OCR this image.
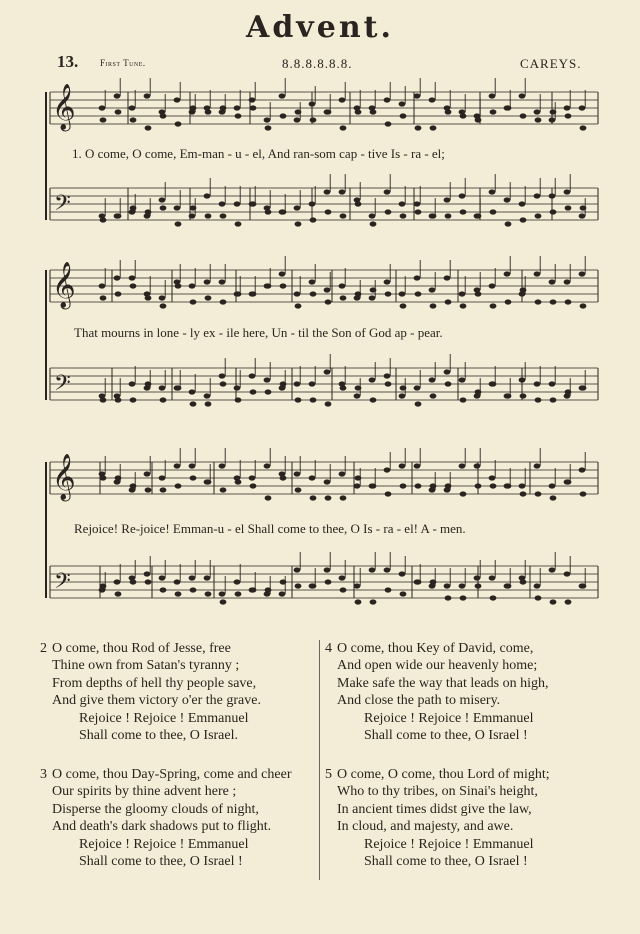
Advent.
13. First Tune.	8.8.8.8.8.8.	CAREYS.
𝄞
𝄢
𝄞
𝄢
𝄞
𝄢
1. O come, O come, Em-man - u - el, And ran-som cap - tive Is - ra - el;
That mourns in lone - ly ex - ile here, Un - til the Son of God ap - pear.
Rejoice! Re-joice! Emman-u - el Shall come to thee, O Is - ra - el! A - men.
2 O come, thou Rod of Jesse, free
Thine own from Satan's tyranny ;
From depths of hell thy people save,
And give them victory o'er the grave.
Rejoice ! Rejoice ! Emmanuel
Shall come to thee, O Israel.
3 O come, thou Day-Spring, come and cheer
Our spirits by thine advent here ;
Disperse the gloomy clouds of night,
And death's dark shadows put to flight.
Rejoice ! Rejoice ! Emmanuel
Shall come to thee, O Israel !
4 O come, thou Key of David, come,
And open wide our heavenly home;
Make safe the way that leads on high,
And close the path to misery.
Rejoice ! Rejoice ! Emmanuel
Shall come to thee, O Israel !
5 O come, O come, thou Lord of might;
Who to thy tribes, on Sinai's height,
In ancient times didst give the law,
In cloud, and majesty, and awe.
Rejoice ! Rejoice ! Emmanuel
Shall come to thee, O Israel !
